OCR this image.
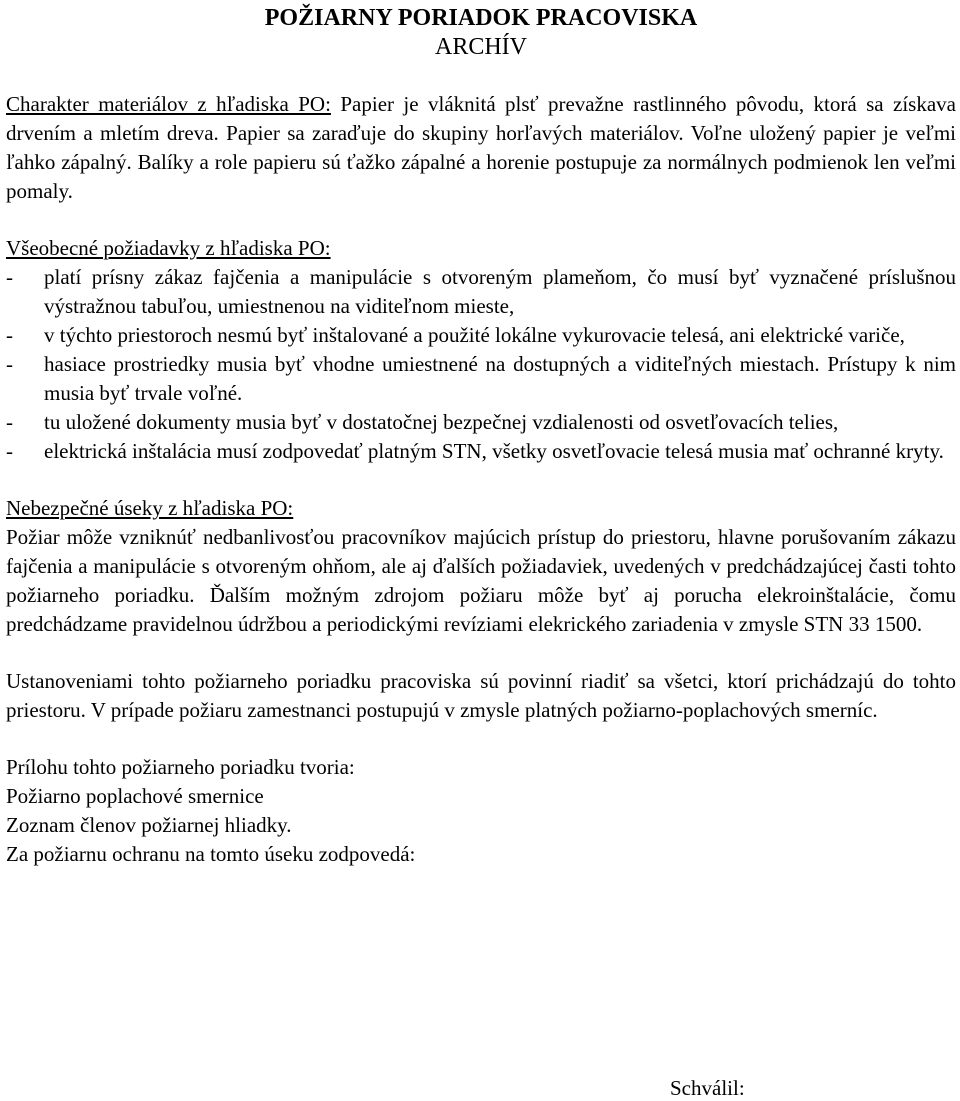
POŽIARNY PORIADOK PRACOVISKA

ARCHÍV

Charakter materiálov z hľadiska PO: Papier je vláknitá plsť prevažne rastlinného pôvodu, ktorá sa získava drvením a mletím dreva. Papier sa zaraďuje do skupiny horľavých materiálov. Voľne uložený papier je veľmi ľahko zápalný. Balíky a role papieru sú ťažko zápalné a horenie postupuje za normálnych podmienok len veľmi pomaly.

Všeobecné požiadavky z hľadiska PO:

- platí prísny zákaz fajčenia a manipulácie s otvoreným plameňom, čo musí byť vyznačené príslušnou výstražnou tabuľou, umiestnenou na viditeľnom mieste,
- v týchto priestoroch nesmú byť inštalované a použité lokálne vykurovacie telesá, ani elektrické variče,
- hasiace prostriedky musia byť vhodne umiestnené na dostupných a viditeľných miestach. Prístupy k nim musia byť trvale voľné.
- tu uložené dokumenty musia byť v dostatočnej bezpečnej vzdialenosti od osvetľovacích telies,
- elektrická inštalácia musí zodpovedať platným STN, všetky osvetľovacie telesá musia mať ochranné kryty.

Nebezpečné úseky z hľadiska PO:

Požiar môže vzniknúť nedbanlivosťou pracovníkov majúcich prístup do priestoru, hlavne porušovaním zákazu fajčenia a manipulácie s otvoreným ohňom, ale aj ďalších požiadaviek, uvedených v predchádzajúcej časti tohto požiarneho poriadku. Ďalším možným zdrojom požiaru môže byť aj porucha elekroinštalácie, čomu predchádzame pravidelnou údržbou a periodickými revíziami elekrického zariadenia v zmysle STN 33 1500.

Ustanoveniami tohto požiarneho poriadku pracoviska sú povinní riadiť sa všetci, ktorí prichádzajú do tohto priestoru. V prípade požiaru zamestnanci postupujú v zmysle platných požiarno-poplachových smerníc.

Prílohu tohto požiarneho poriadku tvoria:

Požiarno poplachové smernice

Zoznam členov požiarnej hliadky.

Za požiarnu ochranu na tomto úseku zodpovedá:

Schválil:
